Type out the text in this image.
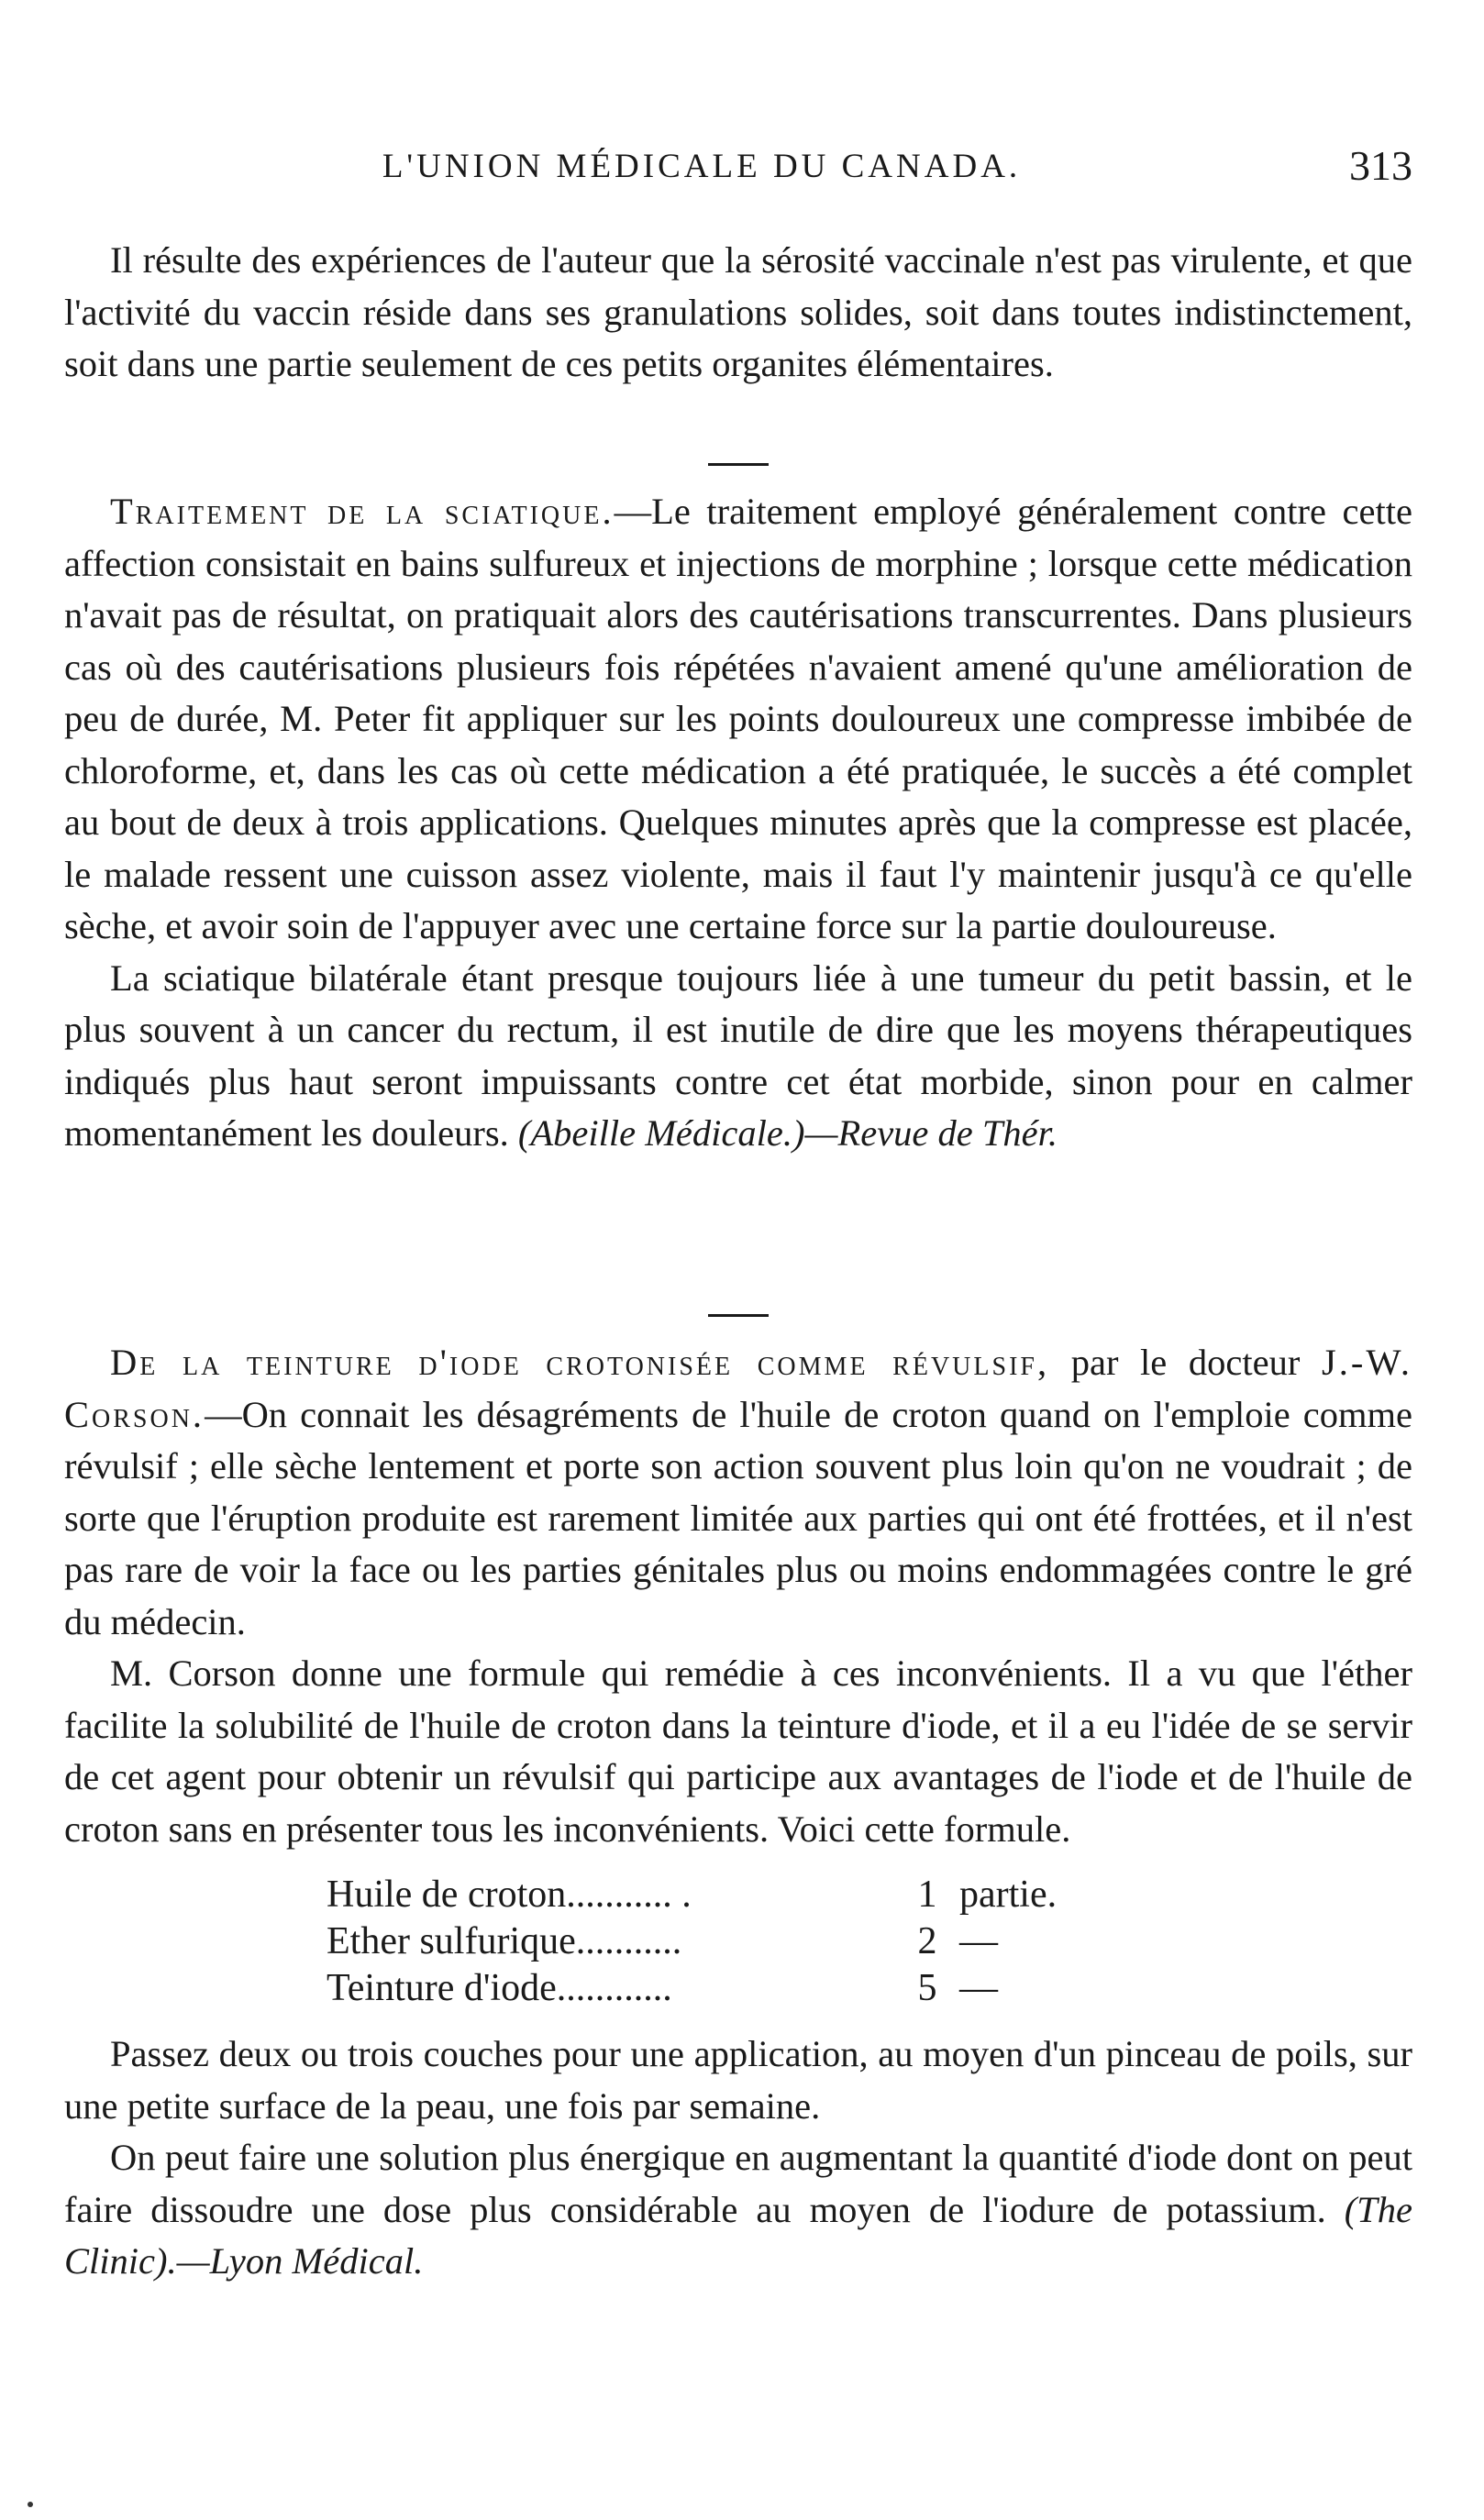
L'UNION MÉDICALE DU CANADA.	313

Il résulte des expériences de l'auteur que la sérosité vaccinale n'est pas virulente, et que l'activité du vaccin réside dans ses granulations solides, soit dans toutes indistinctement, soit dans une partie seulement de ces petits organites élémentaires.

Traitement de la sciatique.—Le traitement employé généralement contre cette affection consistait en bains sulfureux et injections de morphine ; lorsque cette médication n'avait pas de résultat, on pratiquait alors des cautérisations transcurrentes. Dans plusieurs cas où des cautérisations plusieurs fois répétées n'avaient amené qu'une amélioration de peu de durée, M. Peter fit appliquer sur les points douloureux une compresse imbibée de chloroforme, et, dans les cas où cette médication a été pratiquée, le succès a été complet au bout de deux à trois applications. Quelques minutes après que la compresse est placée, le malade ressent une cuisson assez violente, mais il faut l'y maintenir jusqu'à ce qu'elle sèche, et avoir soin de l'appuyer avec une certaine force sur la partie douloureuse.

La sciatique bilatérale étant presque toujours liée à une tumeur du petit bassin, et le plus souvent à un cancer du rectum, il est inutile de dire que les moyens thérapeutiques indiqués plus haut seront impuissants contre cet état morbide, sinon pour en calmer momentanément les douleurs. (Abeille Médicale.)—Revue de Thér.

De la teinture d'iode crotonisée comme révulsif, par le docteur J.-W. Corson.—On connait les désagréments de l'huile de croton quand on l'emploie comme révulsif ; elle sèche lentement et porte son action souvent plus loin qu'on ne voudrait ; de sorte que l'éruption produite est rarement limitée aux parties qui ont été frottées, et il n'est pas rare de voir la face ou les parties génitales plus ou moins endommagées contre le gré du médecin.

M. Corson donne une formule qui remédie à ces inconvénients. Il a vu que l'éther facilite la solubilité de l'huile de croton dans la teinture d'iode, et il a eu l'idée de se servir de cet agent pour obtenir un révulsif qui participe aux avantages de l'iode et de l'huile de croton sans en présenter tous les inconvénients. Voici cette formule.

Huile de croton........... .	1 partie.
Ether sulfurique...........	2 —
Teinture d'iode............	5 —

Passez deux ou trois couches pour une application, au moyen d'un pinceau de poils, sur une petite surface de la peau, une fois par semaine.

On peut faire une solution plus énergique en augmentant la quantité d'iode dont on peut faire dissoudre une dose plus considérable au moyen de l'iodure de potassium. (The Clinic).—Lyon Médical.
